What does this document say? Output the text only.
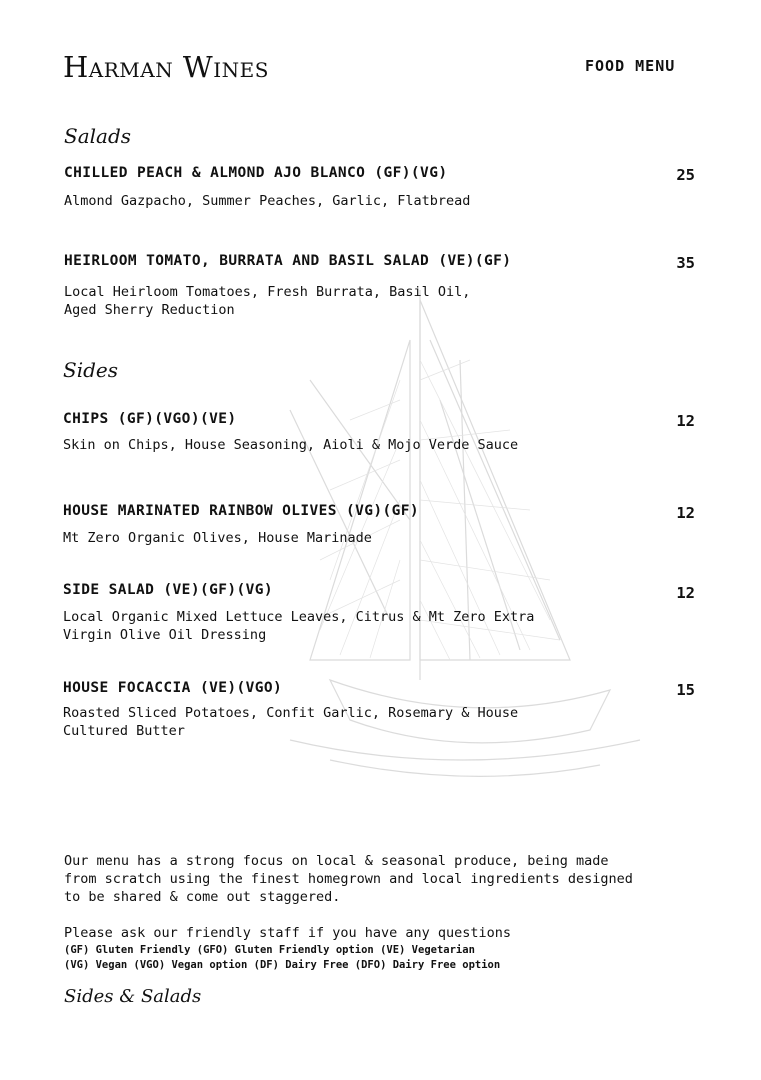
Harman Wines	FOOD MENU
Salads
CHILLED PEACH & ALMOND AJO BLANCO (GF)(VG)	25
Almond Gazpacho, Summer Peaches, Garlic, Flatbread
HEIRLOOM TOMATO, BURRATA AND BASIL SALAD (VE)(GF)	35
Local Heirloom Tomatoes, Fresh Burrata, Basil Oil,
Aged Sherry Reduction
Sides
CHIPS (GF)(VGO)(VE)	12
Skin on Chips, House Seasoning, Aioli & Mojo Verde Sauce
HOUSE MARINATED RAINBOW OLIVES (VG)(GF)	12
Mt Zero Organic Olives, House Marinade
SIDE SALAD (VE)(GF)(VG)	12
Local Organic Mixed Lettuce Leaves, Citrus & Mt Zero Extra
Virgin Olive Oil Dressing
HOUSE FOCACCIA (VE)(VGO)	15
Roasted Sliced Potatoes, Confit Garlic, Rosemary & House
Cultured Butter
Our menu has a strong focus on local & seasonal produce, being made
from scratch using the finest homegrown and local ingredients designed
to be shared & come out staggered.
Please ask our friendly staff if you have any questions
(GF) Gluten Friendly (GFO) Gluten Friendly option (VE) Vegetarian
(VG) Vegan (VGO) Vegan option (DF) Dairy Free (DFO) Dairy Free option
Sides & Salads
